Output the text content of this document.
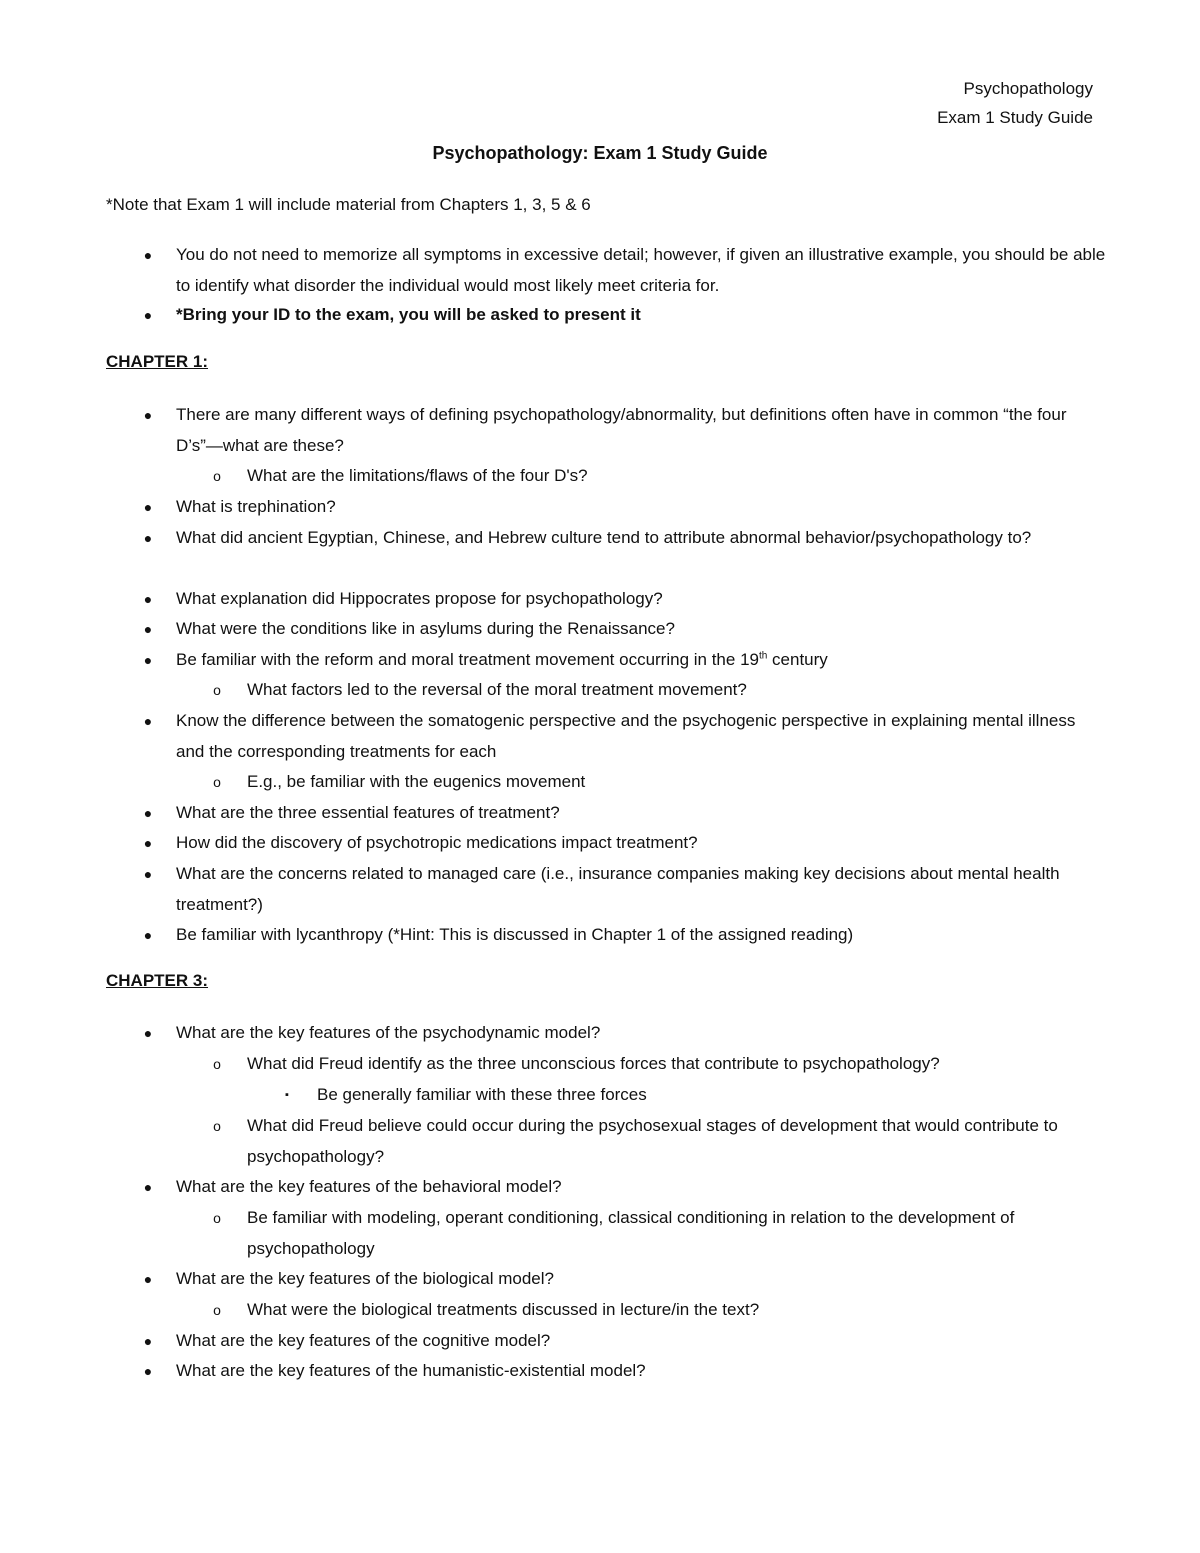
Psychopathology
Exam 1 Study Guide
Psychopathology: Exam 1 Study Guide
*Note that Exam 1 will include material from Chapters 1, 3, 5 & 6
●	You do not need to memorize all symptoms in excessive detail; however, if given an illustrative example, you should be able to identify what disorder the individual would most likely meet criteria for.
●	*Bring your ID to the exam, you will be asked to present it
CHAPTER 1:
●	There are many different ways of defining psychopathology/abnormality, but definitions often have in common “the four D’s”—what are these?
o	What are the limitations/flaws of the four D's?
●	What is trephination?
●	What did ancient Egyptian, Chinese, and Hebrew culture tend to attribute abnormal behavior/psychopathology to?
●	What explanation did Hippocrates propose for psychopathology?
●	What were the conditions like in asylums during the Renaissance?
●	Be familiar with the reform and moral treatment movement occurring in the 19th century
o	What factors led to the reversal of the moral treatment movement?
●	Know the difference between the somatogenic perspective and the psychogenic perspective in explaining mental illness and the corresponding treatments for each
o	E.g., be familiar with the eugenics movement
●	What are the three essential features of treatment?
●	How did the discovery of psychotropic medications impact treatment?
●	What are the concerns related to managed care (i.e., insurance companies making key decisions about mental health treatment?)
●	Be familiar with lycanthropy (*Hint: This is discussed in Chapter 1 of the assigned reading)
CHAPTER 3:
●	What are the key features of the psychodynamic model?
o	What did Freud identify as the three unconscious forces that contribute to psychopathology?
▪	Be generally familiar with these three forces
o	What did Freud believe could occur during the psychosexual stages of development that would contribute to psychopathology?
●	What are the key features of the behavioral model?
o	Be familiar with modeling, operant conditioning, classical conditioning in relation to the development of psychopathology
●	What are the key features of the biological model?
o	What were the biological treatments discussed in lecture/in the text?
●	What are the key features of the cognitive model?
●	What are the key features of the humanistic-existential model?
